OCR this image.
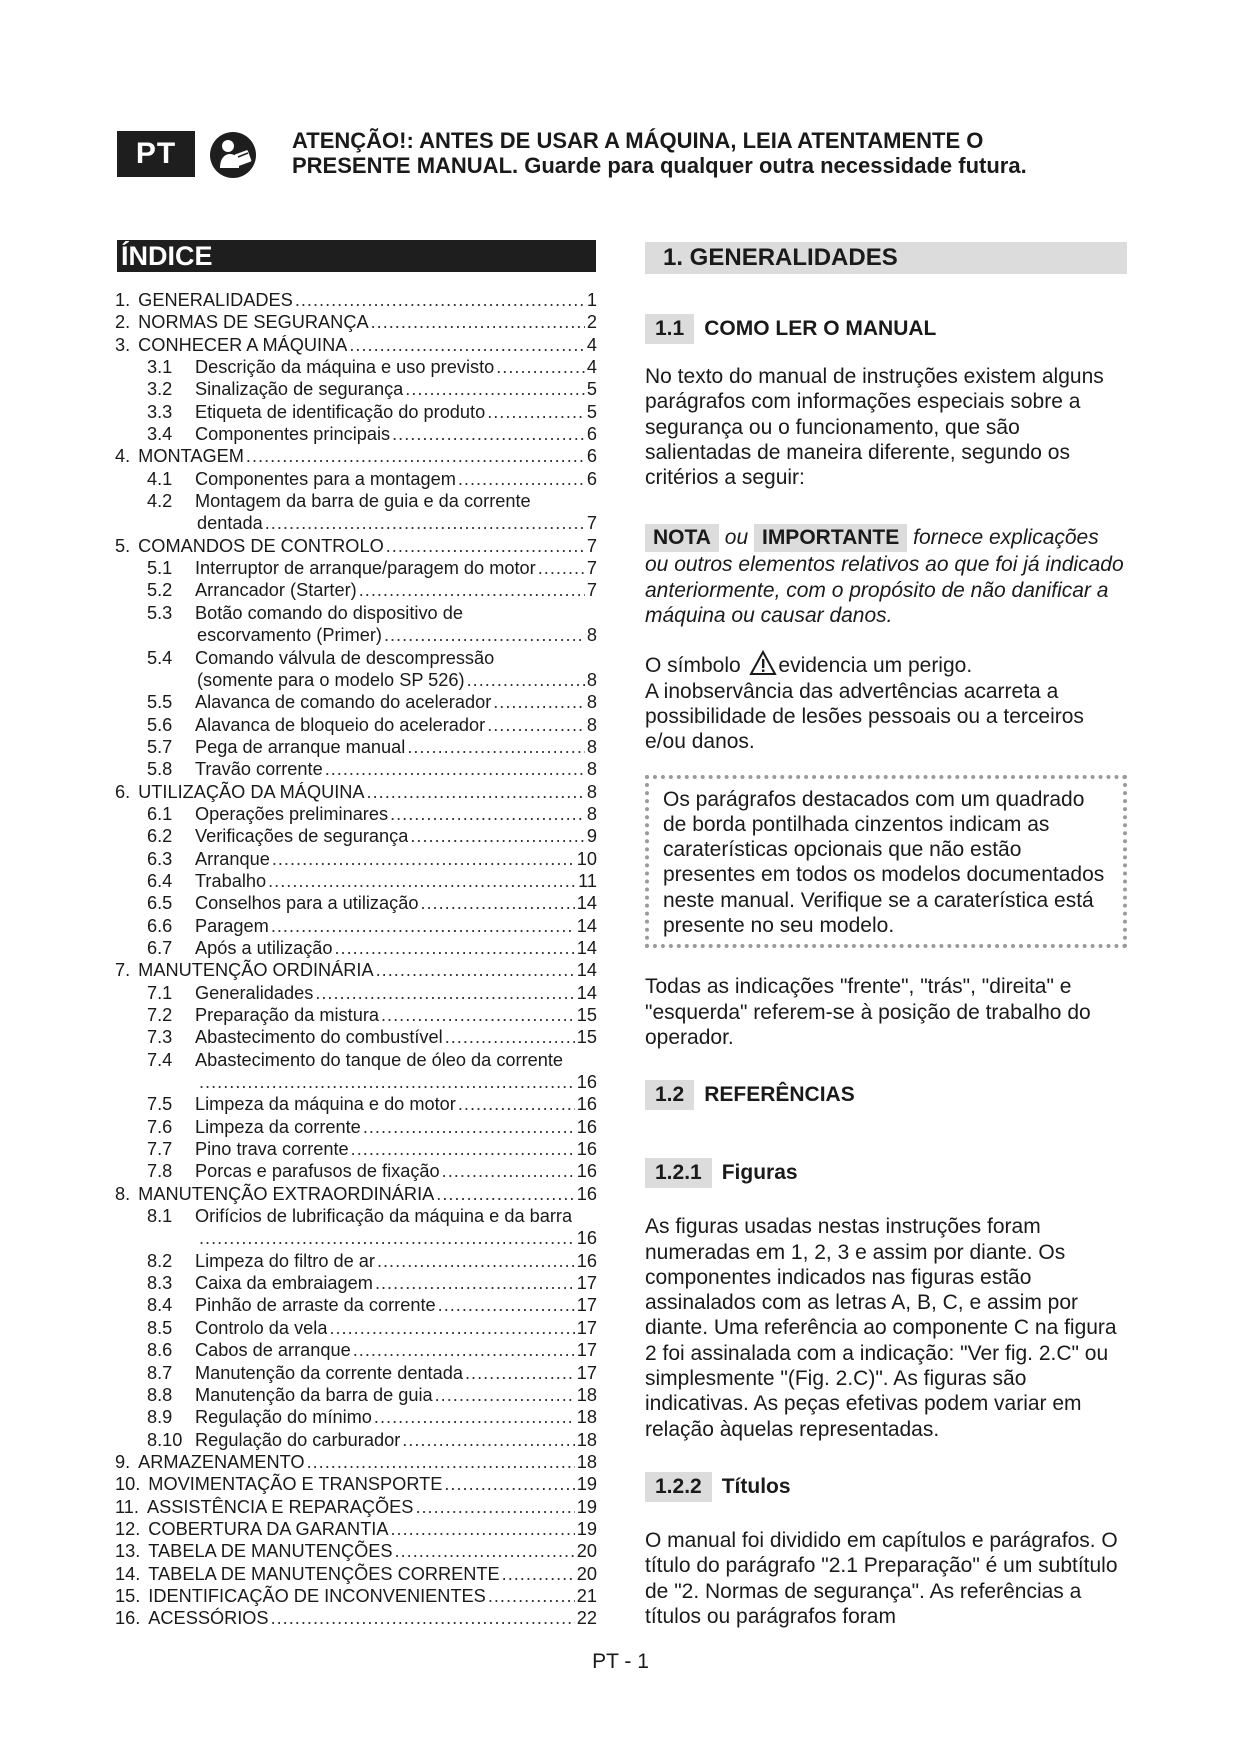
PT	ATENÇÃO!: ANTES DE USAR A MÁQUINA, LEIA ATENTAMENTE O
PRESENTE MANUAL. Guarde para qualquer outra necessidade futura.
ÍNDICE
1. GENERALIDADES .....	1
2. NORMAS DE SEGURANÇA .....	2
3. CONHECER A MÁQUINA .....	4
3.1	Descrição da máquina e uso previsto .....	4
3.2	Sinalização de segurança .....	5
3.3	Etiqueta de identificação do produto .....	5
3.4	Componentes principais .....	6
4. MONTAGEM .....	6
4.1	Componentes para a montagem .....	6
4.2	Montagem da barra de guia e da corrente
dentada .....	7
5. COMANDOS DE CONTROLO .....	7
5.1	Interruptor de arranque/paragem do motor .....	7
5.2	Arrancador (Starter) .....	7
5.3	Botão comando do dispositivo de
escorvamento (Primer) .....	8
5.4	Comando válvula de descompressão
(somente para o modelo SP 526) .....	8
5.5	Alavanca de comando do acelerador .....	8
5.6	Alavanca de bloqueio do acelerador .....	8
5.7	Pega de arranque manual .....	8
5.8	Travão corrente .....	8
6. UTILIZAÇÃO DA MÁQUINA .....	8
6.1	Operações preliminares .....	8
6.2	Verificações de segurança .....	9
6.3	Arranque .....	10
6.4	Trabalho .....	11
6.5	Conselhos para a utilização .....	14
6.6	Paragem .....	14
6.7	Após a utilização .....	14
7. MANUTENÇÃO ORDINÁRIA .....	14
7.1	Generalidades .....	14
7.2	Preparação da mistura .....	15
7.3	Abastecimento do combustível .....	15
7.4	Abastecimento do tanque de óleo da corrente
.....
16
7.5	Limpeza da máquina e do motor .....	16
7.6	Limpeza da corrente .....	16
7.7	Pino trava corrente .....	16
7.8	Porcas e parafusos de fixação .....	16
8. MANUTENÇÃO EXTRAORDINÁRIA .....	16
8.1	Orifícios de lubrificação da máquina e da barra
.....
16
8.2	Limpeza do filtro de ar .....	16
8.3	Caixa da embraiagem .....	17
8.4	Pinhão de arraste da corrente .....	17
8.5	Controlo da vela .....	17
8.6	Cabos de arranque .....	17
8.7	Manutenção da corrente dentada .....	17
8.8	Manutenção da barra de guia .....	18
8.9	Regulação do mínimo .....	18
8.10 Regulação do carburador .....	18
9. ARMAZENAMENTO .....	18
10. MOVIMENTAÇÃO E TRANSPORTE .....	19
11. ASSISTÊNCIA E REPARAÇÕES .....	19
12. COBERTURA DA GARANTIA .....	19
13. TABELA DE MANUTENÇÕES .....	20
14. TABELA DE MANUTENÇÕES CORRENTE .....	20
15. IDENTIFICAÇÃO DE INCONVENIENTES .....	21
16. ACESSÓRIOS .....	22
1. GENERALIDADES
1.1 COMO LER O MANUAL

No texto do manual de instruções existem alguns parágrafos com informações especiais sobre a segurança ou o funcionamento, que são salientadas de maneira diferente, segundo os critérios a seguir:

NOTA ou IMPORTANTE fornece explicações ou outros elementos relativos ao que foi já indicado anteriormente, com o propósito de não danificar a máquina ou causar danos.

O símbolo evidencia um perigo.
A inobservância das advertências acarreta a possibilidade de lesões pessoais ou a terceiros e/ou danos.

Os parágrafos destacados com um quadrado de borda pontilhada cinzentos indicam as caraterísticas opcionais que não estão presentes em todos os modelos documentados neste manual. Verifique se a caraterística está presente no seu modelo.

Todas as indicações "frente", "trás", "direita" e "esquerda" referem-se à posição de trabalho do operador.

1.2 REFERÊNCIAS
1.2.1 Figuras

As figuras usadas nestas instruções foram numeradas em 1, 2, 3 e assim por diante. Os componentes indicados nas figuras estão assinalados com as letras A, B, C, e assim por diante. Uma referência ao componente C na figura 2 foi assinalada com a indicação: "Ver fig. 2.C" ou simplesmente "(Fig. 2.C)". As figuras são indicativas. As peças efetivas podem variar em relação àquelas representadas.

1.2.2 Títulos

O manual foi dividido em capítulos e parágrafos. O título do parágrafo "2.1 Preparação" é um subtítulo de "2. Normas de segurança". As referências a títulos ou parágrafos foram

PT - 1
